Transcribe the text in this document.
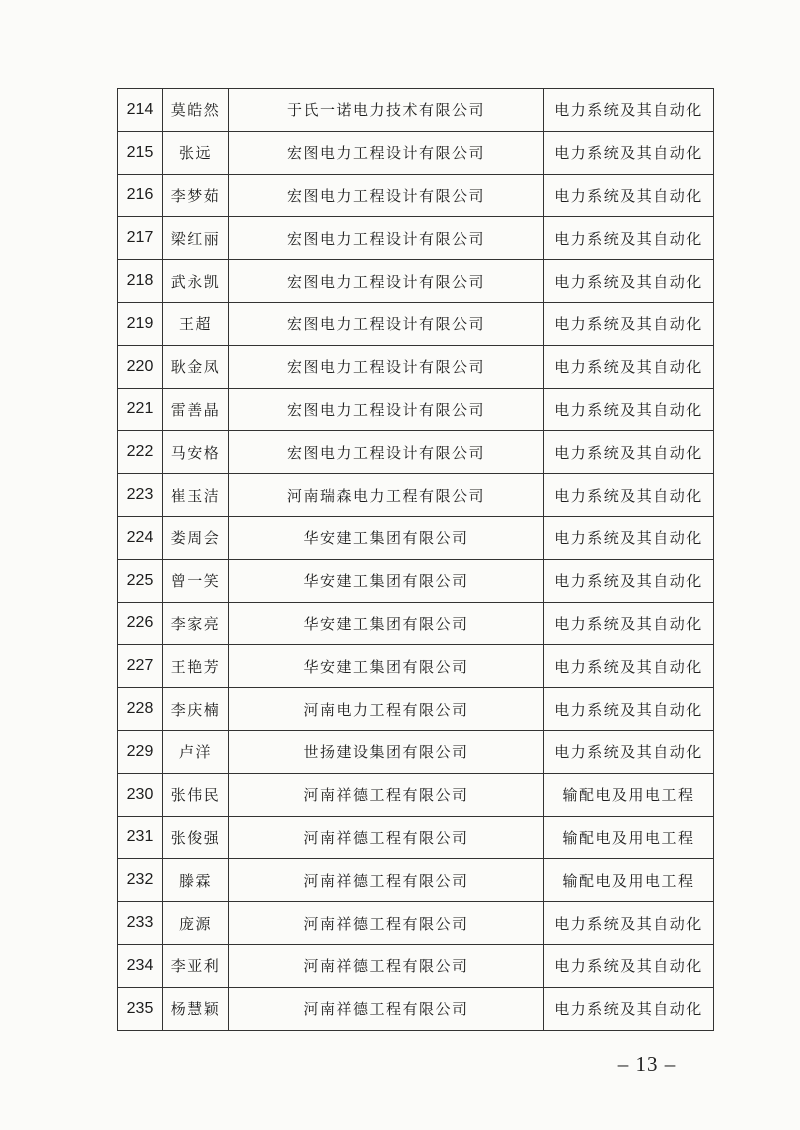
214	莫皓然	于氏一诺电力技术有限公司	电力系统及其自动化
215	张远	宏图电力工程设计有限公司	电力系统及其自动化
216	李梦茹	宏图电力工程设计有限公司	电力系统及其自动化
217	梁红丽	宏图电力工程设计有限公司	电力系统及其自动化
218	武永凯	宏图电力工程设计有限公司	电力系统及其自动化
219	王超	宏图电力工程设计有限公司	电力系统及其自动化
220	耿金凤	宏图电力工程设计有限公司	电力系统及其自动化
221	雷善晶	宏图电力工程设计有限公司	电力系统及其自动化
222	马安格	宏图电力工程设计有限公司	电力系统及其自动化
223	崔玉洁	河南瑞森电力工程有限公司	电力系统及其自动化
224	娄周会	华安建工集团有限公司	电力系统及其自动化
225	曾一笑	华安建工集团有限公司	电力系统及其自动化
226	李家亮	华安建工集团有限公司	电力系统及其自动化
227	王艳芳	华安建工集团有限公司	电力系统及其自动化
228	李庆楠	河南电力工程有限公司	电力系统及其自动化
229	卢洋	世扬建设集团有限公司	电力系统及其自动化
230	张伟民	河南祥德工程有限公司	输配电及用电工程
231	张俊强	河南祥德工程有限公司	输配电及用电工程
232	滕霖	河南祥德工程有限公司	输配电及用电工程
233	庞源	河南祥德工程有限公司	电力系统及其自动化
234	李亚利	河南祥德工程有限公司	电力系统及其自动化
235	杨慧颖	河南祥德工程有限公司	电力系统及其自动化
– 13 –
